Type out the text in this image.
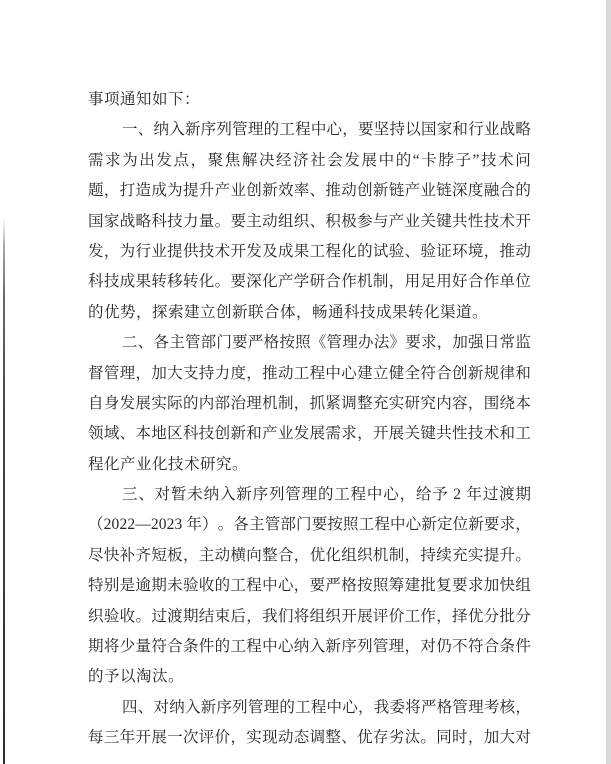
事项通知如下：
一 、 纳 入 新 序 列 管 理 的 工 程 中 心 ， 要 坚 持 以 国 家 和 行 业 战 略
需 求 为 出 发 点 ， 聚 焦 解 决 经 济 社 会 发 展 中 的 “ 卡 脖 子 ” 技 术 问
题 ， 打 造 成 为 提 升 产 业 创 新 效 率 、 推 动 创 新 链 产 业 链 深 度 融 合 的
国 家 战 略 科 技 力 量 。 要 主 动 组 织 、 积 极 参 与 产 业 关 键 共 性 技 术 开
发 ， 为 行 业 提 供 技 术 开 发 及 成 果 工 程 化 的 试 验 、 验 证 环 境 ， 推 动
科 技 成 果 转 移 转 化 。 要 深 化 产 学 研 合 作 机 制 ， 用 足 用 好 合 作 单 位
的优势，探索建立创新联合体，畅通科技成果转化渠道。
二 、 各 主 管 部 门 要 严 格 按 照 《 管 理 办 法 》 要 求 ， 加 强 日 常 监
督 管 理 ， 加 大 支 持 力 度 ， 推 动 工 程 中 心 建 立 健 全 符 合 创 新 规 律 和
自 身 发 展 实 际 的 内 部 治 理 机 制 ， 抓 紧 调 整 充 实 研 究 内 容 ， 围 绕 本
领 域 、 本 地 区 科 技 创 新 和 产 业 发 展 需 求 ， 开 展 关 键 共 性 技 术 和 工
程化产业化技术研究。
三 、 对 暂 未 纳 入 新 序 列 管 理 的 工 程 中 心 ， 给 予
2
年 过 渡 期
（ 2 0 2 2 — 2 0 2 3
年 ） 。 各 主 管 部 门 要 按 照 工 程 中 心 新 定 位 新 要 求 ，
尽 快 补 齐 短 板 ， 主 动 横 向 整 合 ， 优 化 组 织 机 制 ， 持 续 充 实 提 升 。
特 别 是 逾 期 未 验 收 的 工 程 中 心 ， 要 严 格 按 照 筹 建 批 复 要 求 加 快 组
织 验 收 。 过 渡 期 结 束 后 ， 我 们 将 组 织 开 展 评 价 工 作 ， 择 优 分 批 分
期 将 少 量 符 合 条 件 的 工 程 中 心 纳 入 新 序 列 管 理 ， 对 仍 不 符 合 条 件
的予以淘汰。
四 、 对 纳 入 新 序 列 管 理 的 工 程 中 心 ， 我 委 将 严 格 管 理 考 核 ，
每 三 年 开 展 一 次 评 价 ， 实 现 动 态 调 整 、 优 存 劣 汰 。 同 时 ， 加 大 对
